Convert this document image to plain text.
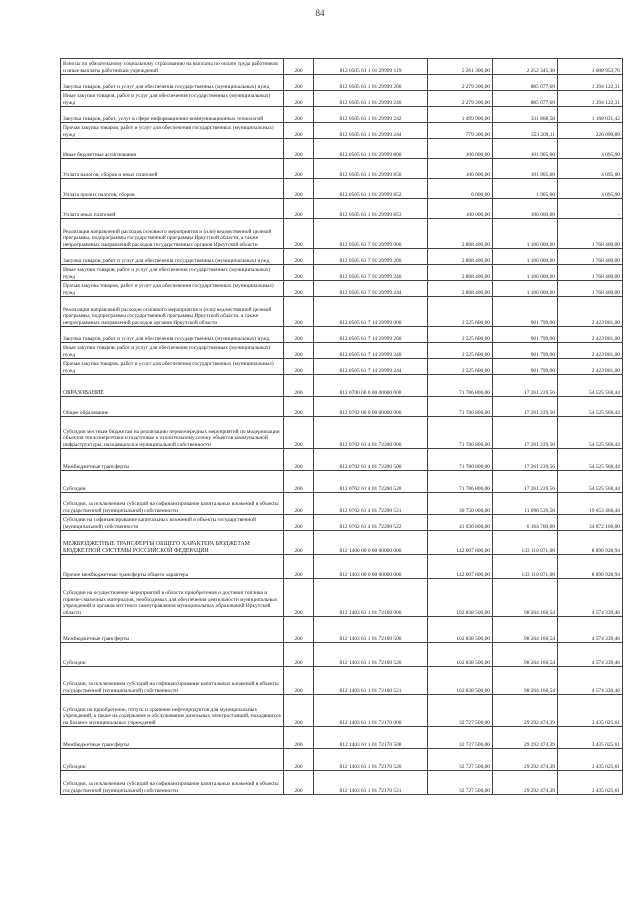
84
Взносы по обязательному социальному страхованию на выплаты по оплате труда работников и иные выплаты работникам учреждений	200	812 0505 61 1 01 29999 119	5 261 300,00	2 252 345,30	1 008 953,70
Закупка товаров, работ и услуг для обеспечения государственных (муниципальных) нужд	200	812 0505 61 1 01 29999 200	2 279 200,00	885 077,69	1 394 122,31
Иные закупки товаров, работ и услуг для обеспечения государственных (муниципальных) нужд	200	812 0505 61 1 01 29999 240	2 279 200,00	885 077,69	1 394 122,31
Закупка товаров, работ, услуг в сфере информационно-коммуникационных технологий	200	812 0505 61 1 01 29999 242	1 499 900,00	331 868,58	1 168 031,42
Прочая закупка товаров, работ и услуг для обеспечения государственных (муниципальных) нужд	200	812 0505 61 1 01 29999 244	779 300,00	553 209,11	226 090,89
Иные бюджетные ассигнования	200	812 0505 61 1 01 29999 800	106 000,00	101 905,00	4 095,00
Уплата налогов, сборов и иных платежей	200	812 0505 61 1 01 29999 850	106 000,00	101 905,00	4 095,00
Уплата прочих налогов, сборов	200	812 0505 61 1 01 29999 852	6 000,00	1 905,00	4 095,00
Уплата иных платежей	200	812 0505 61 1 01 29999 853	100 000,00	100 000,00	-
Реализация направлений расходов основного мероприятия и (или) ведомственной целевой программы, подпрограммы государственной программы Иркутской области, а также непрограммных направлений расходов государственных органов Иркутской области	200	812 0505 61 7 01 29999 000	2 868 400,00	1 100 000,00	1 768 400,00
Закупка товаров, работ и услуг для обеспечения государственных (муниципальных) нужд	200	812 0505 61 7 01 29999 200	2 868 400,00	1 100 000,00	1 768 400,00
Иные закупки товаров, работ и услуг для обеспечения государственных (муниципальных) нужд	200	812 0505 61 7 01 29999 240	2 868 400,00	1 100 000,00	1 768 400,00
Прочая закупка товаров, работ и услуг для обеспечения государственных (муниципальных) нужд	200	812 0505 61 7 01 29999 244	2 868 400,00	1 100 000,00	1 768 400,00
Реализация направлений расходов основного мероприятия и (или) ведомственной целевой программы, подпрограммы государственной программы Иркутской области, а также непрограммных направлений расходов органов Иркутской области	200	812 0505 61 7 14 29999 000	3 325 600,00	901 799,00	2 423 801,00
Закупка товаров, работ и услуг для обеспечения государственных (муниципальных) нужд	200	812 0505 61 7 14 29999 200	3 325 600,00	901 799,00	2 423 801,00
Иные закупки товаров, работ и услуг для обеспечения государственных (муниципальных) нужд	200	812 0505 61 7 14 29999 240	3 325 600,00	901 799,00	2 423 801,00
Прочая закупка товаров, работ и услуг для обеспечения государственных (муниципальных) нужд	200	812 0505 61 7 14 29999 244	3 325 600,00	901 799,00	2 423 801,00
ОБРАЗОВАНИЕ	200	812 0700 00 0 00 00000 000	71 786 800,00	17 261 239,56	54 525 560,44
Общее образование	200	812 0702 00 0 00 00000 000	71 786 800,00	17 261 239,56	54 525 560,44
Субсидии местным бюджетам на реализацию первоочередных мероприятий по модернизации объектов теплоэнергетики и подготовке к отопительному сезону объектов коммунальной инфраструктуры, находящихся в муниципальной собственности	200	812 0702 61 4 01 72200 000	71 786 800,00	17 261 239,56	54 525 560,44
Межбюджетные трансферты	200	812 0702 61 4 01 72200 500	71 786 800,00	17 261 239,56	54 525 560,44
Субсидии	200	812 0702 61 4 01 72200 520	71 786 800,00	17 261 239,56	54 525 560,44
Субсидии, за исключением субсидий на софинансирование капитальных вложений в объекты государственной (муниципальной) собственности	200	812 0702 61 4 01 72200 521	30 750 000,00	11 096 539,56	19 653 460,44
Субсидии на софинансирование капитальных вложений в объекты государственной (муниципальной) собственности	200	812 0702 61 4 01 72200 522	41 036 800,00	6 164 700,00	34 872 100,00
МЕЖБЮДЖЕТНЫЕ ТРАНСФЕРТЫ ОБЩЕГО ХАРАКТЕРА БЮДЖЕТАМ БЮДЖЕТНОЙ СИСТЕМЫ РОССИЙСКОЙ ФЕДЕРАЦИИ	200	812 1400 00 0 00 00000 000	142 007 800,00	133 110 871,06	8 896 928,94
Прочие межбюджетные трансферты общего характера	200	812 1403 00 0 00 00000 000	142 007 800,00	133 110 871,06	8 896 928,94
Субсидии на осуществление мероприятий в области приобретения и доставки топлива и горюче-смазочных материалов, необходимых для обеспечения деятельности муниципальных учреждений и органов местного самоуправления муниципальных образований Иркутской области	200	812 1403 61 1 01 72160 000	102 838 500,00	98 264 160,54	4 574 339,46
Межбюджетные трансферты	200	812 1403 61 1 01 72160 500	102 838 500,00	98 264 160,54	4 574 339,46
Субсидии	200	812 1403 61 1 01 72160 520	102 838 500,00	98 264 160,54	4 574 339,46
Субсидии, за исключением субсидий на софинансирование капитальных вложений в объекты государственной (муниципальной) собственности	200	812 1403 61 1 01 72160 521	102 838 500,00	98 264 160,54	4 574 339,46
Субсидии на приобретение, отпуск и хранение нефтепродуктов для муниципальных учреждений, а также на содержание и обслуживание дизельных электростанций, находящихся на балансе муниципальных учреждений	200	812 1403 61 1 01 72170 000	32 727 500,00	29 292 474,39	3 435 025,61
Межбюджетные трансферты	200	812 1403 61 1 01 72170 500	32 727 500,00	29 292 474,39	3 435 025,61
Субсидии	200	812 1403 61 1 01 72170 520	32 727 500,00	29 292 474,39	3 435 025,61
Субсидии, за исключением субсидий на софинансирование капитальных вложений в объекты государственной (муниципальной) собственности	200	812 1403 61 1 01 72170 521	32 727 500,00	29 292 474,39	3 435 025,61
